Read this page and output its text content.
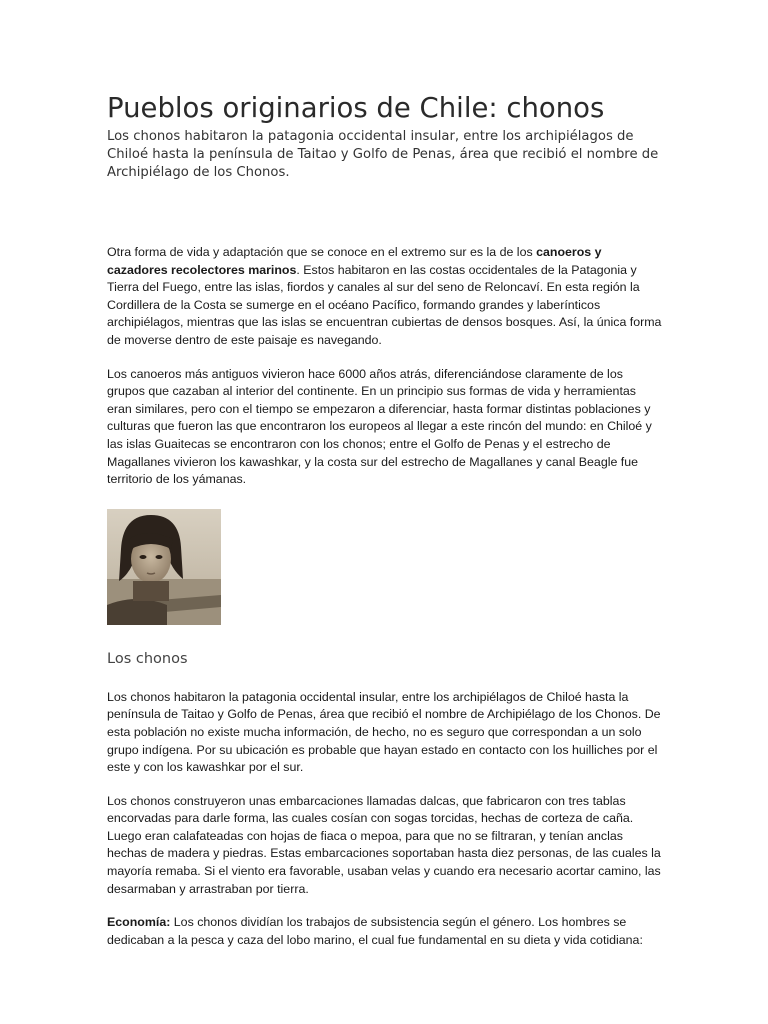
Pueblos originarios de Chile: chonos

Los chonos habitaron la patagonia occidental insular, entre los archipiélagos de Chiloé hasta la península de Taitao y Golfo de Penas, área que recibió el nombre de Archipiélago de los Chonos.

Otra forma de vida y adaptación que se conoce en el extremo sur es la de los canoeros y cazadores recolectores marinos. Estos habitaron en las costas occidentales de la Patagonia y Tierra del Fuego, entre las islas, fiordos y canales al sur del seno de Reloncaví. En esta región la Cordillera de la Costa se sumerge en el océano Pacífico, formando grandes y laberínticos archipiélagos, mientras que las islas se encuentran cubiertas de densos bosques. Así, la única forma de moverse dentro de este paisaje es navegando.

Los canoeros más antiguos vivieron hace 6000 años atrás, diferenciándose claramente de los grupos que cazaban al interior del continente. En un principio sus formas de vida y herramientas eran similares, pero con el tiempo se empezaron a diferenciar, hasta formar distintas poblaciones y culturas que fueron las que encontraron los europeos al llegar a este rincón del mundo: en Chiloé y las islas Guaitecas se encontraron con los chonos; entre el Golfo de Penas y el estrecho de Magallanes vivieron los kawashkar, y la costa sur del estrecho de Magallanes y canal Beagle fue territorio de los yámanas.

Los chonos

Los chonos habitaron la patagonia occidental insular, entre los archipiélagos de Chiloé hasta la península de Taitao y Golfo de Penas, área que recibió el nombre de Archipiélago de los Chonos. De esta población no existe mucha información, de hecho, no es seguro que correspondan a un solo grupo indígena. Por su ubicación es probable que hayan estado en contacto con los huilliches por el este y con los kawashkar por el sur.

Los chonos construyeron unas embarcaciones llamadas dalcas, que fabricaron con tres tablas encorvadas para darle forma, las cuales cosían con sogas torcidas, hechas de corteza de caña. Luego eran calafateadas con hojas de fiaca o mepoa, para que no se filtraran, y tenían anclas hechas de madera y piedras. Estas embarcaciones soportaban hasta diez personas, de las cuales la mayoría remaba. Si el viento era favorable, usaban velas y cuando era necesario acortar camino, las desarmaban y arrastraban por tierra.

Economía: Los chonos dividían los trabajos de subsistencia según el género. Los hombres se dedicaban a la pesca y caza del lobo marino, el cual fue fundamental en su dieta y vida cotidiana:
